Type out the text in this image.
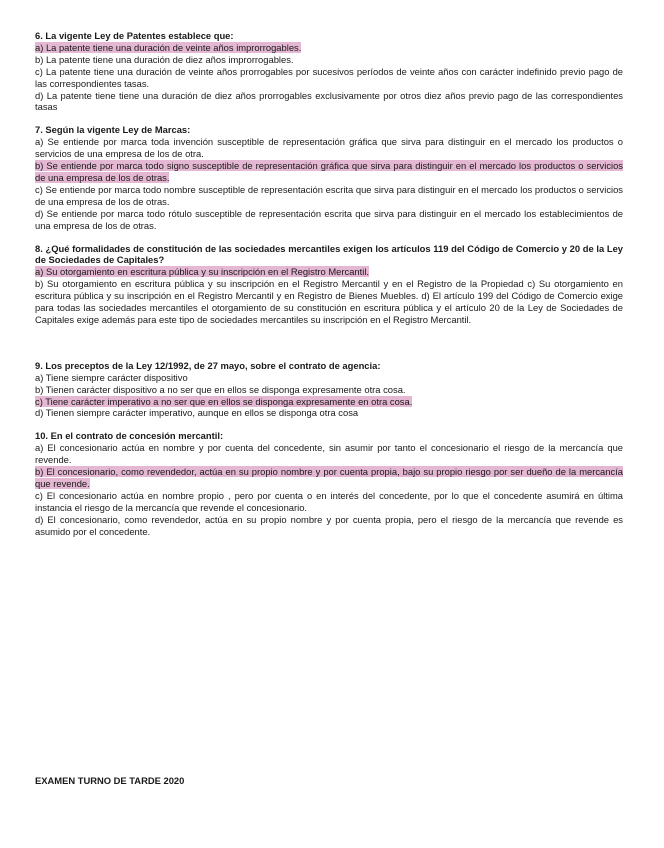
6. La vigente Ley de Patentes establece que:
a) La patente tiene una duración de veinte años improrrogables.
b) La patente tiene una duración de diez años improrrogables.
c) La patente tiene una duración de veinte años prorrogables por sucesivos períodos de veinte años con carácter indefinido previo pago de las correspondientes tasas.
d) La patente tiene tiene una duración de diez años prorrogables exclusivamente por otros diez años previo pago de las correspondientes tasas
7. Según la vigente Ley de Marcas:
a) Se entiende por marca toda invención susceptible de representación gráfica que sirva para distinguir en el mercado los productos o servicios de una empresa de los de otra.
b) Se entiende por marca todo signo susceptible de representación gráfica que sirva para distinguir en el mercado los productos o servicios de una empresa de los de otras.
c) Se entiende por marca todo nombre susceptible de representación escrita que sirva para distinguir en el mercado los productos o servicios de una empresa de los de otras.
d) Se entiende por marca todo rótulo susceptible de representación escrita que sirva para distinguir en el mercado los establecimientos de una empresa de los de otras.
8. ¿Qué formalidades de constitución de las sociedades mercantiles exigen los artículos 119 del Código de Comercio y 20 de la Ley de Sociedades de Capitales?
a) Su otorgamiento en escritura pública y su inscripción en el Registro Mercantil.
b) Su otorgamiento en escritura pública y su inscripción en el Registro Mercantil y en el Registro de la Propiedad c) Su otorgamiento en escritura pública y su inscripción en el Registro Mercantil y en Registro de Bienes Muebles. d) El artículo 199 del Código de Comercio exige para todas las sociedades mercantiles el otorgamiento de su constitución en escritura pública y el artículo 20 de la Ley de Sociedades de Capitales exige además para este tipo de sociedades mercantiles su inscripción en el Registro Mercantil.
9. Los preceptos de la Ley 12/1992, de 27 mayo, sobre el contrato de agencia:
a) Tiene siempre carácter dispositivo
b) Tienen carácter dispositivo a no ser que en ellos se disponga expresamente otra cosa.
c) Tiene carácter imperativo a no ser que en ellos se disponga expresamente en otra cosa.
d) Tienen siempre carácter imperativo, aunque en ellos se disponga otra cosa
10. En el contrato de concesión mercantil:
a) El concesionario actúa en nombre y por cuenta del concedente, sin asumir por tanto el concesionario el riesgo de la mercancía que revende.
b) El concesionario, como revendedor, actúa en su propio nombre y por cuenta propia, bajo su propio riesgo por ser dueño de la mercancía que revende.
c) El concesionario actúa en nombre propio , pero por cuenta o en interés del concedente, por lo que el concedente asumirá en última instancia el riesgo de la mercancía que revende el concesionario.
d) El concesionario, como revendedor, actúa en su propio nombre y por cuenta propia, pero el riesgo de la mercancía que revende es asumido por el concedente.
EXAMEN TURNO DE TARDE 2020
